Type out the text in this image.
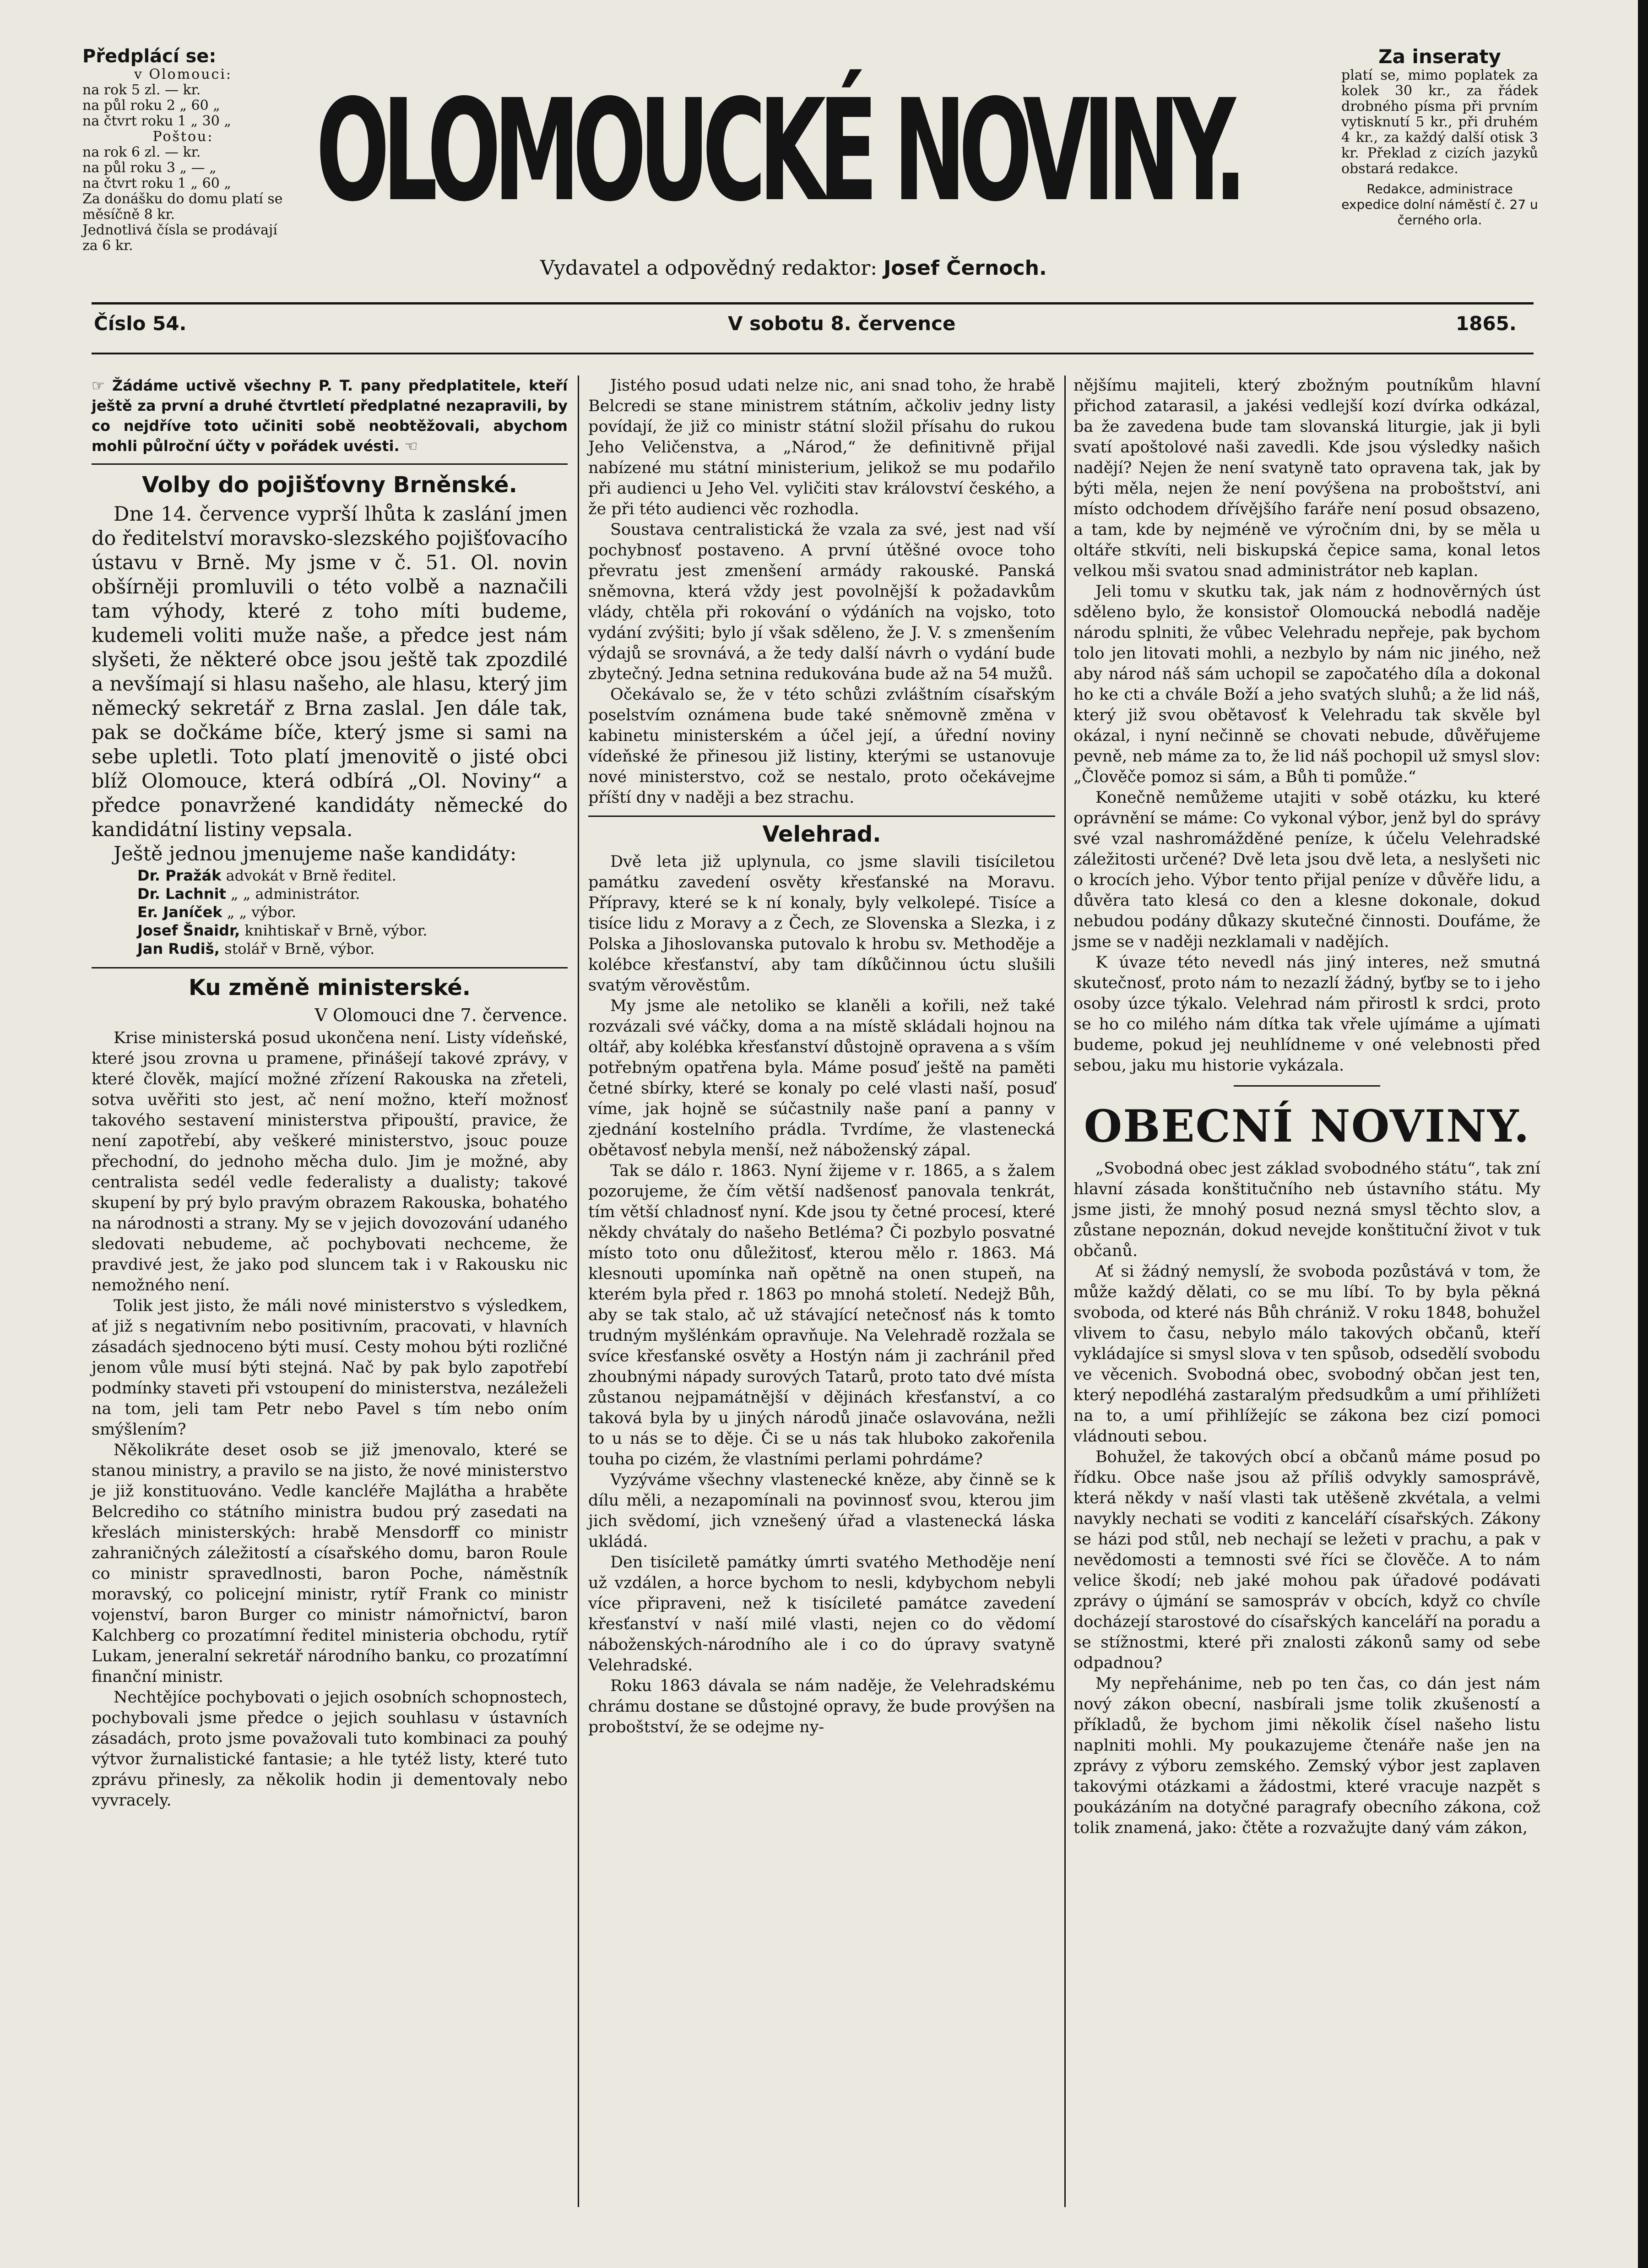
Předplácí se:
v Olomouci:
na rok 5 zl. — kr.
na půl roku 2 „ 60 „
na čtvrt roku 1 „ 30 „
Poštou:
na rok 6 zl. — kr.
na půl roku 3 „ — „
na čtvrt roku 1 „ 60 „
Za donášku do domu platí se měsíčně 8 kr.
Jednotlivá čísla se prodávají za 6 kr.
OLOMOUCKÉ NOVINY.
Vydavatel a odpovědný redaktor: Josef Černoch.
Za inseraty
platí se, mimo poplatek za kolek 30 kr., za řádek drobného písma při prvním vytisknutí 5 kr., při druhém 4 kr., za každý další otisk 3 kr. Překlad z cizích jazyků obstará redakce.
Redakce, administrace expedice dolní náměstí č. 27 u černého orla.
Číslo 54.	V sobotu 8. července	1865.
☞ Žádáme uctivě všechny P. T. pany předplatitele, kteří ještě za první a druhé čtvrtletí předplatné nezapravili, by co nejdříve toto učiniti sobě neobtěžovali, abychom mohli půlroční účty v pořádek uvésti. ☜
Volby do pojišťovny Brněnské.

Dne 14. července vyprší lhůta k zaslání jmen do ředitelství moravsko-slezského pojišťovacího ústavu v Brně. My jsme v č. 51. Ol. novin obšírněji promluvili o této volbě a naznačili tam výhody, které z toho míti budeme, kudemeli voliti muže naše, a předce jest nám slyšeti, že některé obce jsou ještě tak zpozdilé a nevšímají si hlasu našeho, ale hlasu, který jim německý sekretář z Brna zaslal. Jen dále tak, pak se dočkáme bíče, který jsme si sami na sebe upletli. Toto platí jmenovitě o jisté obci blíž Olomouce, která odbírá „Ol. Noviny“ a předce ponavržené kandidáty německé do kandidátní listiny vepsala.

Ještě jednou jmenujeme naše kandidáty:

Dr. Pražák advokát v Brně ředitel.
Dr. Lachnit „ „ administrátor.
Er. Janíček „ „ výbor.
Josef Šnaidr, knihtiskař v Brně, výbor.
Jan Rudiš, stolář v Brně, výbor.
Ku změně ministerské.
V Olomouci dne 7. července.

Krise ministerská posud ukončena není. Listy vídeňské, které jsou zrovna u pramene, přinášejí takové zprávy, v které člověk, mající možné zřízení Rakouska na zřeteli, sotva uvěřiti sto jest, ač není možno, kteří možnosť takového sestavení ministerstva připouští, pravice, že není zapotřebí, aby veškeré ministerstvo, jsouc pouze přechodní, do jednoho měcha dulo. Jim je možné, aby centralista sedél vedle federalisty a dualisty; takové skupení by prý bylo pravým obrazem Rakouska, bohatého na národnosti a strany. My se v jejich dovozování udaného sledovati nebudeme, ač pochybovati nechceme, že pravdivé jest, že jako pod sluncem tak i v Rakousku nic nemožného není.

Tolik jest jisto, že máli nové ministerstvo s výsledkem, ať již s negativním nebo positivním, pracovati, v hlavních zásadách sjednoceno býti musí. Cesty mohou býti rozličné jenom vůle musí býti stejná. Nač by pak bylo zapotřebí podmínky staveti při vstoupení do ministerstva, nezáleželi na tom, jeli tam Petr nebo Pavel s tím nebo oním smýšlením?

Několikráte deset osob se již jmenovalo, které se stanou ministry, a pravilo se na jisto, že nové ministerstvo je již konstituováno. Vedle kancléře Majlátha a hraběte Belcrediho co státního ministra budou prý zasedati na křeslách ministerských: hrabě Mensdorff co ministr zahraničných záležitostí a císařského domu, baron Roule co ministr spravedlnosti, baron Poche, náměstník moravský, co policejní ministr, rytíř Frank co ministr vojenství, baron Burger co ministr námořnictví, baron Kalchberg co prozatímní ředitel ministeria obchodu, rytíř Lukam, jeneralní sekretář národního banku, co prozatímní finanční ministr.

Nechtějíce pochybovati o jejich osobních schopnostech, pochybovali jsme předce o jejich souhlasu v ústavních zásadách, proto jsme považovali tuto kombinaci za pouhý výtvor žurnalistické fantasie; a hle tytéž listy, které tuto zprávu přinesly, za několik hodin ji dementovaly nebo vyvracely.

Jistého posud udati nelze nic, ani snad toho, že hrabě Belcredi se stane ministrem státním, ačkoliv jedny listy povídají, že již co ministr státní složil přísahu do rukou Jeho Veličenstva, a „Národ,“ že definitivně přijal nabízené mu státní ministerium, jelikož se mu podařilo při audienci u Jeho Vel. vyličiti stav království českého, a že při této audienci věc rozhodla.

Soustava centralistická že vzala za své, jest nad vší pochybnosť postaveno. A první útěšné ovoce toho převratu jest zmenšení armády rakouské. Panská sněmovna, která vždy jest povolnější k požadavkům vlády, chtěla při rokování o výdáních na vojsko, toto vydání zvýšiti; bylo jí však sděleno, že J. V. s zmenšením výdajů se srovnává, a že tedy další návrh o vydání bude zbytečný. Jedna setnina redukována bude až na 54 mužů.

Očekávalo se, že v této schůzi zvláštním císařským poselstvím oznámena bude také sněmovně změna v kabinetu ministerském a účel její, a úřední noviny vídeňské že přinesou již listiny, kterými se ustanovuje nové ministerstvo, což se nestalo, proto očekávejme příští dny v naději a bez strachu.

Velehrad.

Dvě leta již uplynula, co jsme slavili tisíciletou památku zavedení osvěty křesťanské na Moravu. Přípravy, které se k ní konaly, byly velkolepé. Tisíce a tisíce lidu z Moravy a z Čech, ze Slovenska a Slezka, i z Polska a Jihoslovanska putovalo k hrobu sv. Methoděje a kolébce křesťanství, aby tam díkůčinnou úctu slušili svatým věrověstům.

My jsme ale netoliko se klaněli a kořili, než také rozvázali své váčky, doma a na místě skládali hojnou na oltář, aby kolébka křesťanství důstojně opravena a s vším potřebným opatřena byla. Máme posuď ještě na paměti četné sbírky, které se konaly po celé vlasti naší, posuď víme, jak hojně se súčastnily naše paní a panny v zjednání kostelního prádla. Tvrdíme, že vlastenecká obětavosť nebyla menší, než náboženský zápal.

Tak se dálo r. 1863. Nyní žijeme v r. 1865, a s žalem pozorujeme, že čím větší nadšenosť panovala tenkrát, tím větší chladnosť nyní. Kde jsou ty četné procesí, které někdy chvátaly do našeho Betléma? Či pozbylo posvatné místo toto onu důležitosť, kterou mělo r. 1863. Má klesnouti upomínka naň opětně na onen stupeň, na kterém byla před r. 1863 po mnohá století. Nedejž Bůh, aby se tak stalo, ač už stávající netečnosť nás k tomto trudným myšlénkám opravňuje. Na Velehradě rozžala se svíce křesťanské osvěty a Hostýn nám ji zachránil před zhoubnými nápady surových Tatarů, proto tato dvé místa zůstanou nejpamátnější v dějinách křesťanství, a co taková byla by u jiných národů jinače oslavována, nežli to u nás se to děje. Či se u nás tak hluboko zakořenila touha po cizém, že vlastními perlami pohrdáme?

Vyzýváme všechny vlastenecké kněze, aby činně se k dílu měli, a nezapomínali na povinnosť svou, kterou jim jich svědomí, jich vznešený úřad a vlastenecká láska ukládá.

Den tisíciletě památky úmrti svatého Methoděje není už vzdálen, a horce bychom to nesli, kdybychom nebyli více připraveni, než k tisícileté památce zavedení křesťanství v naší milé vlasti, nejen co do vědomí náboženských-národního ale i co do úpravy svatyně Velehradské.

Roku 1863 dávala se nám naděje, že Velehradskému chrámu dostane se důstojné opravy, že bude provýšen na proboštství, že se odejme ny-

nějšímu majiteli, který zbožným poutníkům hlavní přichod zatarasil, a jakési vedlejší kozí dvírka odkázal, ba že zavedena bude tam slovanská liturgie, jak ji byli svatí apoštolové naši zavedli. Kde jsou výsledky našich nadějí? Nejen že není svatyně tato opravena tak, jak by býti měla, nejen že není povýšena na proboštství, ani místo odchodem dřívějšího faráře není posud obsazeno, a tam, kde by nejméně ve výročním dni, by se měla u oltáře stkvíti, neli biskupská čepice sama, konal letos velkou mši svatou snad administrátor neb kaplan.

Jeli tomu v skutku tak, jak nám z hodnověrných úst sděleno bylo, že konsistoř Olomoucká nebodlá naděje národu splniti, že vůbec Velehradu nepřeje, pak bychom tolo jen litovati mohli, a nezbylo by nám nic jiného, než aby národ náš sám uchopil se započatého díla a dokonal ho ke cti a chvále Boží a jeho svatých sluhů; a že lid náš, který již svou obětavosť k Velehradu tak skvěle byl okázal, i nyní nečinně se chovati nebude, důvěřujeme pevně, neb máme za to, že lid náš pochopil už smysl slov: „Člověče pomoz si sám, a Bůh ti pomůže.“

Konečně nemůžeme utajiti v sobě otázku, ku které oprávnění se máme: Co vykonal výbor, jenž byl do správy své vzal nashromážděné peníze, k účelu Velehradské záležitosti určené? Dvě leta jsou dvě leta, a neslyšeti nic o krocích jeho. Výbor tento přijal peníze v důvěře lidu, a důvěra tato klesá co den a klesne dokonale, dokud nebudou podány důkazy skutečné činnosti. Doufáme, že jsme se v naději nezklamali v nadějích.

K úvaze této nevedl nás jiný interes, než smutná skutečnosť, proto nám to nezazlí žádný, byťby se to i jeho osoby úzce týkalo. Velehrad nám přirostl k srdci, proto se ho co milého nám dítka tak vřele ujímáme a ujímati budeme, pokud jej neuhlídneme v oné velebnosti před sebou, jaku mu historie vykázala.

OBECNÍ NOVINY.

„Svobodná obec jest základ svobodného státu“, tak zní hlavní zásada konštitučního neb ústavního státu. My jsme jisti, že mnohý posud nezná smysl těchto slov, a zůstane nepoznán, dokud nevejde konštituční život v tuk občanů.

Ať si žádný nemyslí, že svoboda pozůstává v tom, že může každý dělati, co se mu líbí. To by byla pěkná svoboda, od které nás Bůh chrániž. V roku 1848, bohužel vlivem to času, nebylo málo takových občanů, kteří vykládajíce si smysl slova v ten spůsob, odsedělí svobodu ve věcenich. Svobodná obec, svobodný občan jest ten, který nepodléhá zastaralým předsudkům a umí přihlížeti na to, a umí přihlížejíc se zákona bez cizí pomoci vládnouti sebou.

Bohužel, že takových obcí a občanů máme posud po řídku. Obce naše jsou až příliš odvykly samosprávě, která někdy v naší vlasti tak utěšeně zkvétala, a velmi navykly nechati se voditi z kanceláří císařských. Zákony se házi pod stůl, neb nechají se ležeti v prachu, a pak v nevědomosti a temnosti své říci se člověče. A to nám velice škodí; neb jaké mohou pak úřadové podávati zprávy o újmání se samospráv v obcích, když co chvíle docházejí starostové do císařských kanceláří na poradu a se stížnostmi, které při znalosti zákonů samy od sebe odpadnou?

My nepřehánime, neb po ten čas, co dán jest nám nový zákon obecní, nasbírali jsme tolik zkušeností a příkladů, že bychom jimi několik čísel našeho listu naplniti mohli. My poukazujeme čtenáře naše jen na zprávy z výboru zemského. Zemský výbor jest zaplaven takovými otázkami a žádostmi, které vracuje nazpět s poukázáním na dotyčné paragrafy obecního zákona, což tolik znamená, jako: čtěte a rozvažujte daný vám zákon,
